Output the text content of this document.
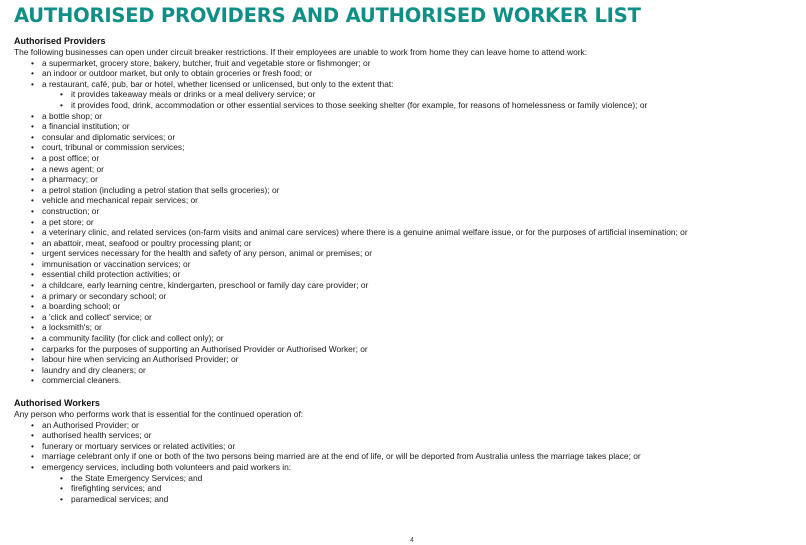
AUTHORISED PROVIDERS AND AUTHORISED WORKER LIST
Authorised Providers

The following businesses can open under circuit breaker restrictions. If their employees are unable to work from home they can leave home to attend work:

• a supermarket, grocery store, bakery, butcher, fruit and vegetable store or fishmonger; or
• an indoor or outdoor market, but only to obtain groceries or fresh food; or
• a restaurant, café, pub, bar or hotel, whether licensed or unlicensed, but only to the extent that:
• it provides takeaway meals or drinks or a meal delivery service; or
• it provides food, drink, accommodation or other essential services to those seeking shelter (for example, for reasons of homelessness or family violence); or
• a bottle shop; or
• a financial institution; or
• consular and diplomatic services; or
• court, tribunal or commission services;
• a post office; or
• a news agent; or
• a pharmacy; or
• a petrol station (including a petrol station that sells groceries); or
• vehicle and mechanical repair services; or
• construction; or
• a pet store; or
• a veterinary clinic, and related services (on-farm visits and animal care services) where there is a genuine animal welfare issue, or for the purposes of artificial insemination; or
• an abattoir, meat, seafood or poultry processing plant; or
• urgent services necessary for the health and safety of any person, animal or premises; or
• immunisation or vaccination services; or
• essential child protection activities; or
• a childcare, early learning centre, kindergarten, preschool or family day care provider; or
• a primary or secondary school; or
• a boarding school; or
• a 'click and collect' service; or
• a locksmith's; or
• a community facility (for click and collect only); or
• carparks for the purposes of supporting an Authorised Provider or Authorised Worker; or
• labour hire when servicing an Authorised Provider; or
• laundry and dry cleaners; or
• commercial cleaners.
Authorised Workers

Any person who performs work that is essential for the continued operation of:

• an Authorised Provider; or
• authorised health services; or
• funerary or mortuary services or related activities; or
• marriage celebrant only if one or both of the two persons being married are at the end of life, or will be deported from Australia unless the marriage takes place; or
• emergency services, including both volunteers and paid workers in:
• the State Emergency Services; and
• firefighting services; and
• paramedical services; and
4
